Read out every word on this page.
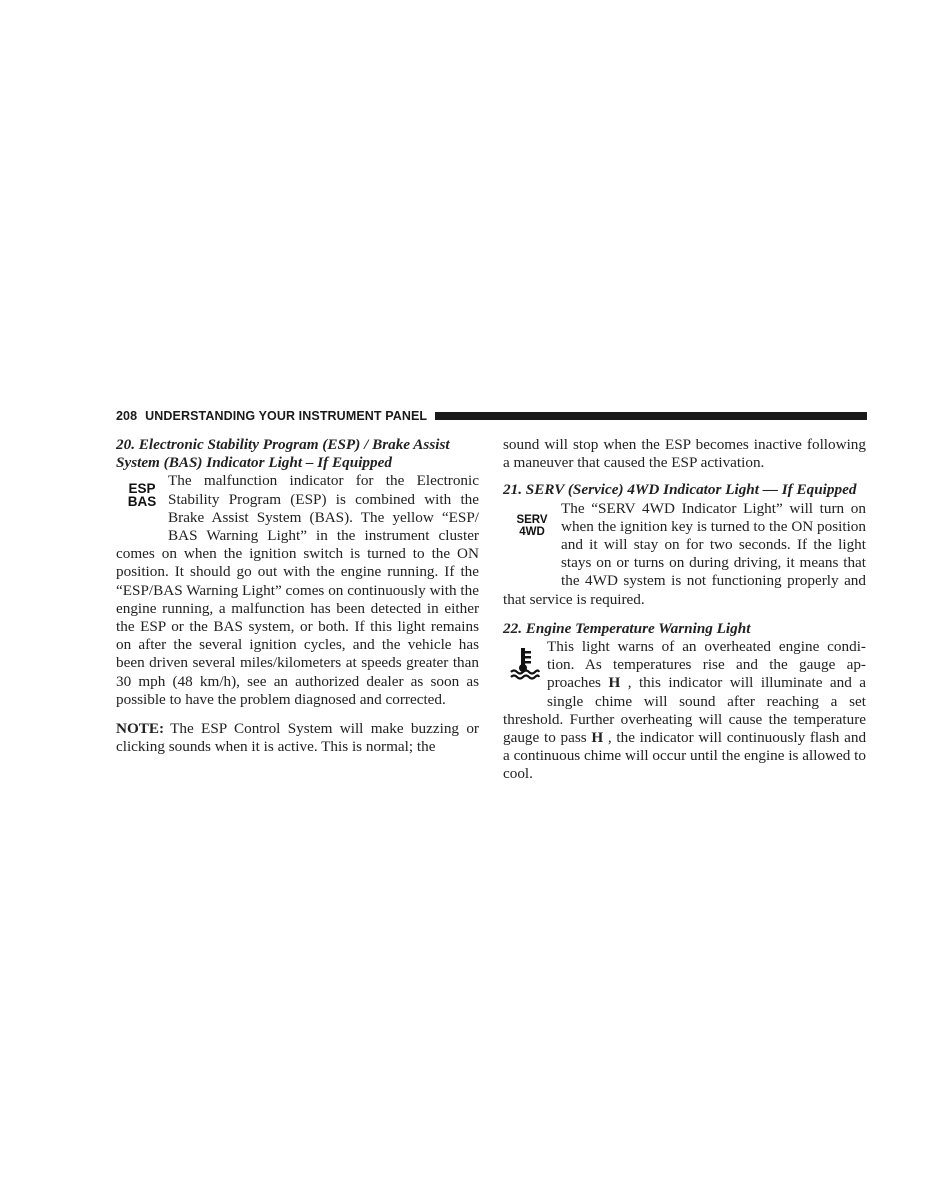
208 UNDERSTANDING YOUR INSTRUMENT PANEL
20. Electronic Stability Program (ESP) / Brake Assist
System (BAS) Indicator Light – If Equipped
ESP
BAS

The malfunction indicator for the Electronic Stability Program (ESP) is combined with the Brake Assist System (BAS). The yellow “ESP/ BAS Warning Light” in the instrument cluster comes on when the ignition switch is turned to the ON position. It should go out with the engine running. If the “ESP/BAS Warning Light” comes on continuously with the engine running, a malfunction has been detected in either the ESP or the BAS system, or both. If this light remains on after the several ignition cycles, and the vehicle has been driven several miles/kilometers at speeds greater than 30 mph (48 km/h), see an authorized dealer as soon as possible to have the problem diagnosed and corrected.

NOTE: The ESP Control System will make buzzing or clicking sounds when it is active. This is normal; the

sound will stop when the ESP becomes inactive following a maneuver that caused the ESP activation.

21. SERV (Service) 4WD Indicator Light — If Equipped
SERV
4WD

The “SERV 4WD Indicator Light” will turn on when the ignition key is turned to the ON position and it will stay on for two seconds. If the light stays on or turns on during driving, it means that the 4WD system is not functioning properly and that service is required.

22. Engine Temperature Warning Light

This light warns of an overheated engine condi- tion. As temperatures rise and the gauge ap- proaches H , this indicator will illuminate and a single chime will sound after reaching a set threshold. Further overheating will cause the temperature gauge to pass H , the indicator will continuously flash and a continuous chime will occur until the engine is allowed to cool.
